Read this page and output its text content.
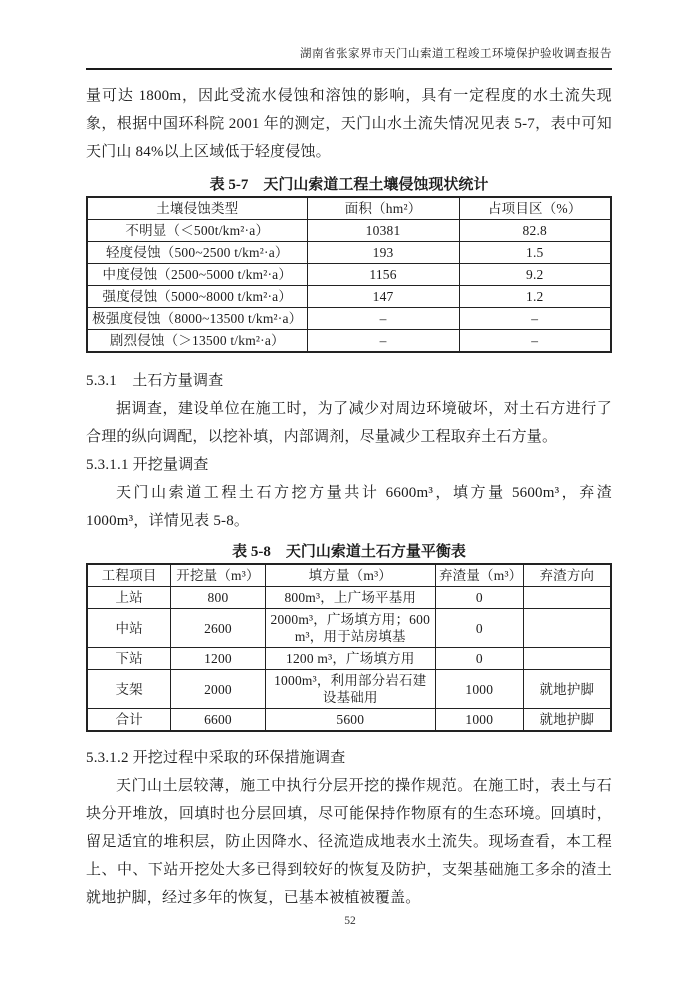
湖南省张家界市天门山索道工程竣工环境保护验收调查报告

量可达 1800m，因此受流水侵蚀和溶蚀的影响，具有一定程度的水土流失现象，根据中国环科院 2001 年的测定，天门山水土流失情况见表 5-7，表中可知天门山 84%以上区域低于轻度侵蚀。

表 5-7　天门山索道工程土壤侵蚀现状统计
土壤侵蚀类型	面积（hm²）	占项目区（%）
不明显（＜500t/km²·a）	10381	82.8
轻度侵蚀（500~2500 t/km²·a）	193	1.5
中度侵蚀（2500~5000 t/km²·a）	1156	9.2
强度侵蚀（5000~8000 t/km²·a）	147	1.2
极强度侵蚀（8000~13500 t/km²·a）	–	–
剧烈侵蚀（＞13500 t/km²·a）	–	–
5.3.1　土石方量调查

据调查，建设单位在施工时，为了减少对周边环境破坏，对土石方进行了合理的纵向调配，以挖补填，内部调剂，尽量减少工程取弃土石方量。

5.3.1.1 开挖量调查

天门山索道工程土石方挖方量共计 6600m³，填方量 5600m³，弃渣 1000m³，详情见表 5-8。

表 5-8　天门山索道土石方量平衡表
工程项目	开挖量（m³）	填方量（m³）	弃渣量（m³）	弃渣方向
上站	800	800m³，上广场平基用	0	
中站	2600	2000m³，广场填方用；600m³，用于站房填基	0	
下站	1200	1200 m³，广场填方用	0	
支架	2000	1000m³，利用部分岩石建设基础用	1000	就地护脚
合计	6600	5600	1000	就地护脚
5.3.1.2 开挖过程中采取的环保措施调查

天门山土层较薄，施工中执行分层开挖的操作规范。在施工时，表土与石块分开堆放，回填时也分层回填，尽可能保持作物原有的生态环境。回填时，留足适宜的堆积层，防止因降水、径流造成地表水土流失。现场查看，本工程上、中、下站开挖处大多已得到较好的恢复及防护，支架基础施工多余的渣土就地护脚，经过多年的恢复，已基本被植被覆盖。

52
